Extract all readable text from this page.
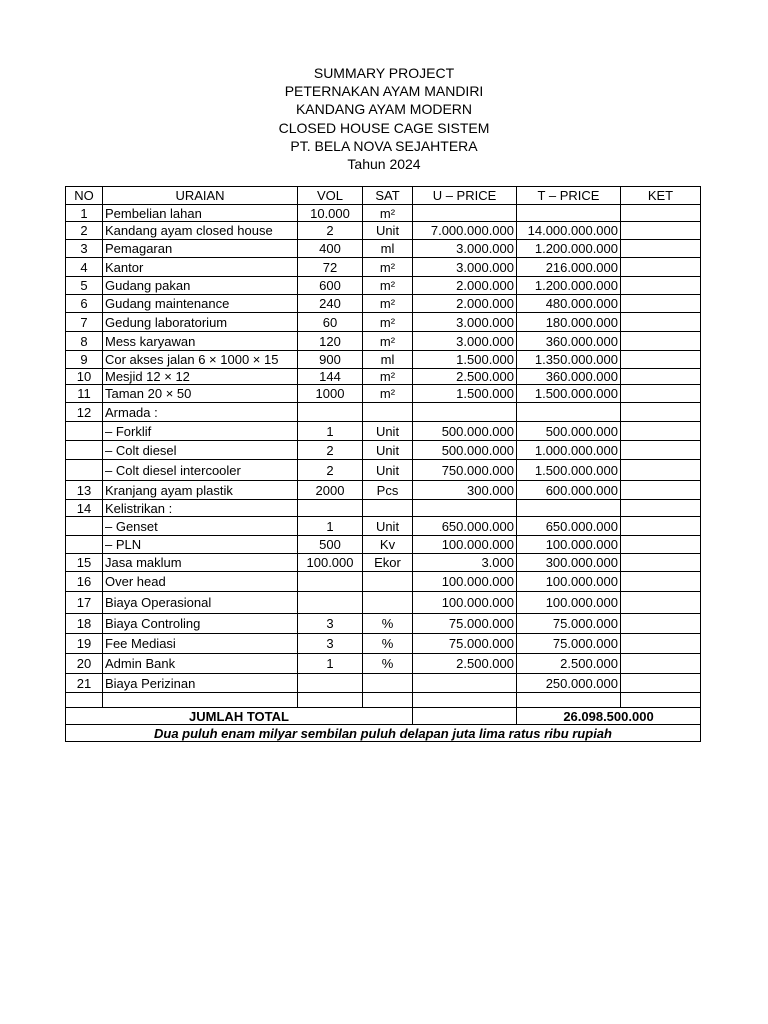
SUMMARY PROJECT
PETERNAKAN AYAM MANDIRI
KANDANG AYAM MODERN
CLOSED HOUSE CAGE SISTEM
PT. BELA NOVA SEJAHTERA
Tahun 2024
NO	URAIAN	VOL	SAT	U – PRICE	T – PRICE	KET
1	Pembelian lahan	10.000	m²			
2	Kandang ayam closed house	2	Unit	7.000.000.000	14.000.000.000	
3	Pemagaran	400	ml	3.000.000	1.200.000.000	
4	Kantor	72	m²	3.000.000	216.000.000	
5	Gudang pakan	600	m²	2.000.000	1.200.000.000	
6	Gudang maintenance	240	m²	2.000.000	480.000.000	
7	Gedung laboratorium	60	m²	3.000.000	180.000.000	
8	Mess karyawan	120	m²	3.000.000	360.000.000	
9	Cor akses jalan 6 × 1000 × 15	900	ml	1.500.000	1.350.000.000	
10	Mesjid 12 × 12	144	m²	2.500.000	360.000.000	
11	Taman 20 × 50	1000	m²	1.500.000	1.500.000.000	
12	Armada :					
	– Forklif	1	Unit	500.000.000	500.000.000	
	– Colt diesel	2	Unit	500.000.000	1.000.000.000	
	– Colt diesel intercooler	2	Unit	750.000.000	1.500.000.000	
13	Kranjang ayam plastik	2000	Pcs	300.000	600.000.000	
14	Kelistrikan :					
	– Genset	1	Unit	650.000.000	650.000.000	
	– PLN	500	Kv	100.000.000	100.000.000	
15	Jasa maklum	100.000	Ekor	3.000	300.000.000	
16	Over head			100.000.000	100.000.000	
17	Biaya Operasional			100.000.000	100.000.000	
18	Biaya Controling	3	%	75.000.000	75.000.000	
19	Fee Mediasi	3	%	75.000.000	75.000.000	
20	Admin Bank	1	%	2.500.000	2.500.000	
21	Biaya Perizinan				250.000.000	

JUMLAH TOTAL					26.098.500.000	
Dua puluh enam milyar sembilan puluh delapan juta lima ratus ribu rupiah						
